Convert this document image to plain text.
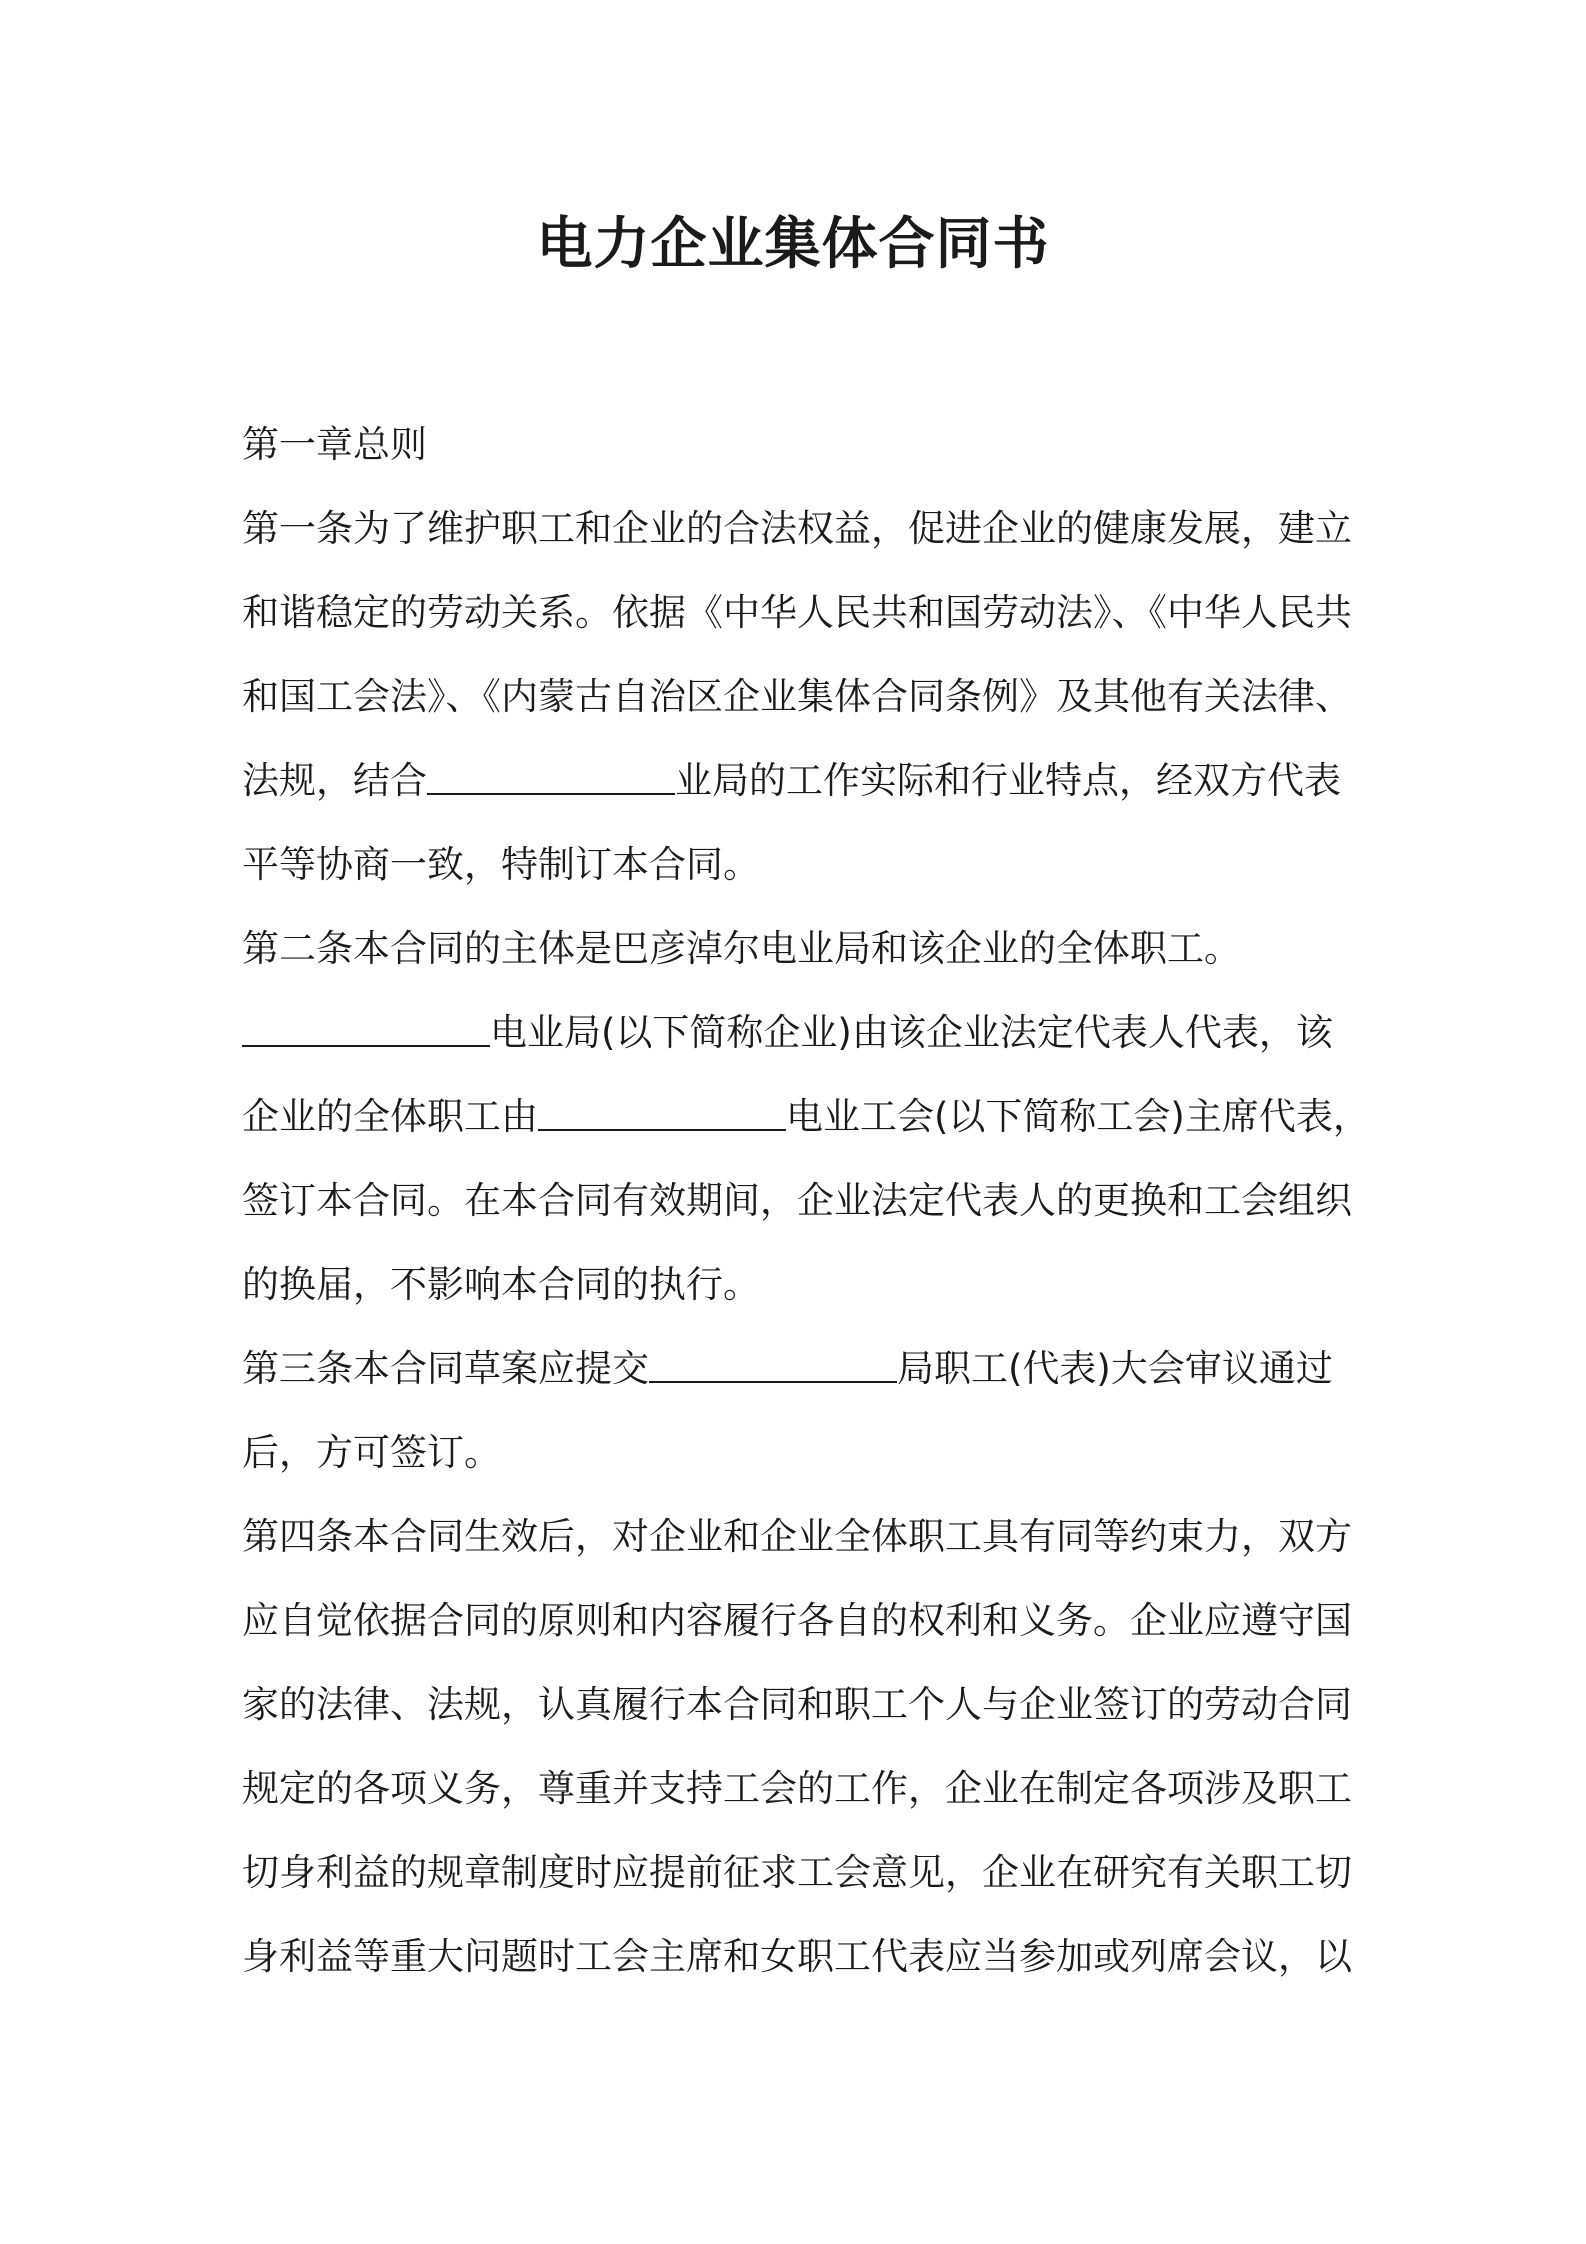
电力企业集体合同书
第一章总则
第一条为了维护职工和企业的合法权益，促进企业的健康发展，建立
和谐稳定的劳动关系。依据《中华人民共和国劳动法》、《中华人民共
和国工会法》、《内蒙古自治区企业集体合同条例》及其他有关法律、
法规，结合	业局的工作实际和行业特点，经双方代表
平等协商一致，特制订本合同。
第二条本合同的主体是巴彦淖尔电业局和该企业的全体职工。
电业局(以下简称企业)由该企业法定代表人代表，该
企业的全体职工由	电业工会(以下简称工会)主席代表，
签订本合同。在本合同有效期间，企业法定代表人的更换和工会组织
的换届，不影响本合同的执行。
第三条本合同草案应提交	局职工(代表)大会审议通过
后，方可签订。
第四条本合同生效后，对企业和企业全体职工具有同等约束力，双方
应自觉依据合同的原则和内容履行各自的权利和义务。企业应遵守国
家的法律、法规，认真履行本合同和职工个人与企业签订的劳动合同
规定的各项义务，尊重并支持工会的工作，企业在制定各项涉及职工
切身利益的规章制度时应提前征求工会意见，企业在研究有关职工切
身利益等重大问题时工会主席和女职工代表应当参加或列席会议，以
